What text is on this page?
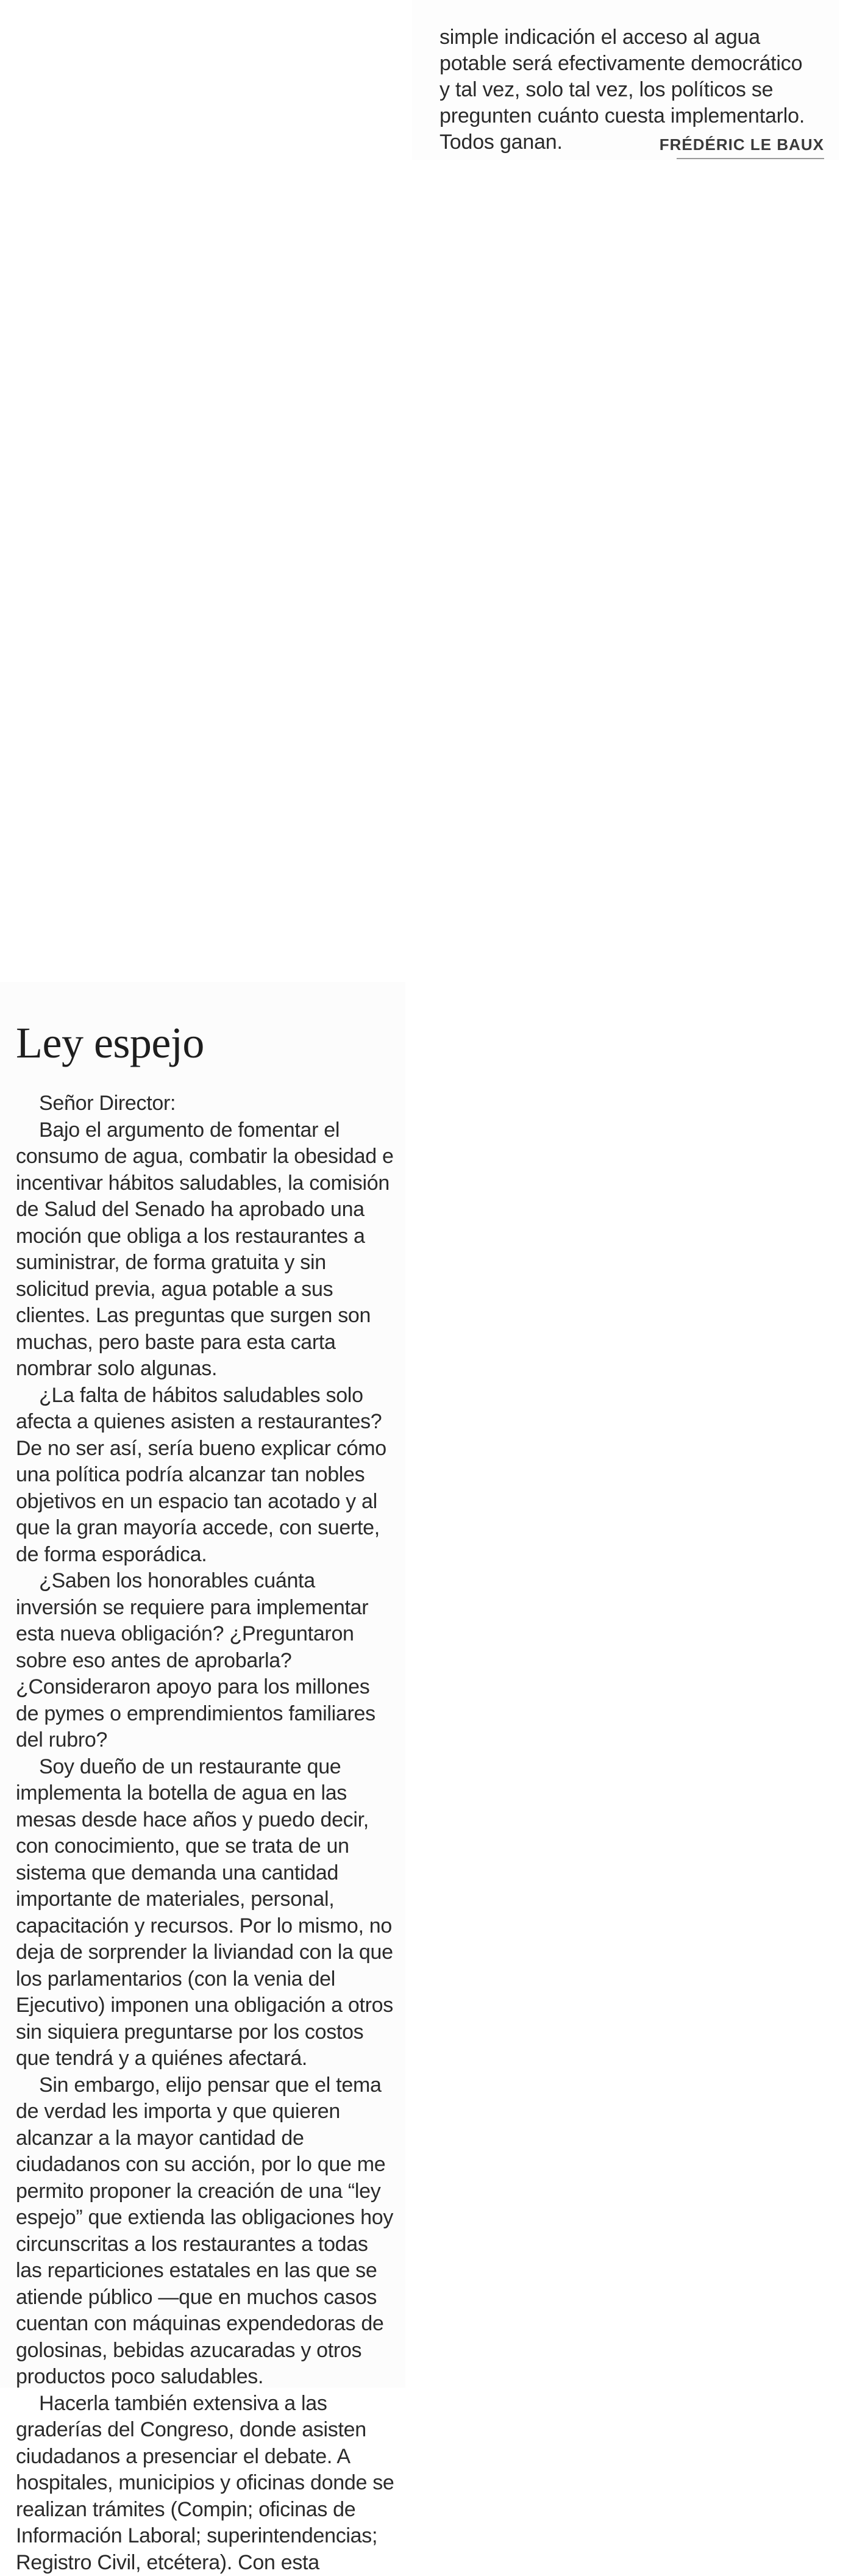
simple indicación el acceso al agua potable será efectivamente democrático y tal vez, solo tal vez, los políticos se pregunten cuánto cuesta implementarlo. Todos ganan.	FRÉDÉRIC LE BAUX
Ley espejo

Señor Director:

Bajo el argumento de fomentar el consumo de agua, combatir la obesidad e incentivar hábitos saludables, la comisión de Salud del Senado ha aprobado una moción que obliga a los restaurantes a suministrar, de forma gratuita y sin solicitud previa, agua potable a sus clientes. Las preguntas que surgen son muchas, pero baste para esta carta nombrar solo algunas.

¿La falta de hábitos saludables solo afecta a quienes asisten a restaurantes? De no ser así, sería bueno explicar cómo una política podría alcanzar tan nobles objetivos en un espacio tan acotado y al que la gran mayoría accede, con suerte, de forma esporádica.

¿Saben los honorables cuánta inversión se requiere para implementar esta nueva obligación? ¿Preguntaron sobre eso antes de aprobarla? ¿Consideraron apoyo para los millones de pymes o emprendimientos familiares del rubro?

Soy dueño de un restaurante que implementa la botella de agua en las mesas desde hace años y puedo decir, con conocimiento, que se trata de un sistema que demanda una cantidad importante de materiales, personal, capacitación y recursos. Por lo mismo, no deja de sorprender la liviandad con la que los parlamentarios (con la venia del Ejecutivo) imponen una obligación a otros sin siquiera preguntarse por los costos que tendrá y a quiénes afectará.

Sin embargo, elijo pensar que el tema de verdad les importa y que quieren alcanzar a la mayor cantidad de ciudadanos con su acción, por lo que me permito proponer la creación de una “ley espejo” que extienda las obligaciones hoy circunscritas a los restaurantes a todas las reparticiones estatales en las que se atiende público —que en muchos casos cuentan con máquinas expendedoras de golosinas, bebidas azucaradas y otros productos poco saludables.

Hacerla también extensiva a las graderías del Congreso, donde asisten ciudadanos a presenciar el debate. A hospitales, municipios y oficinas donde se realizan trámites (Compin; oficinas de Información Laboral; superintendencias; Registro Civil, etcétera). Con esta
